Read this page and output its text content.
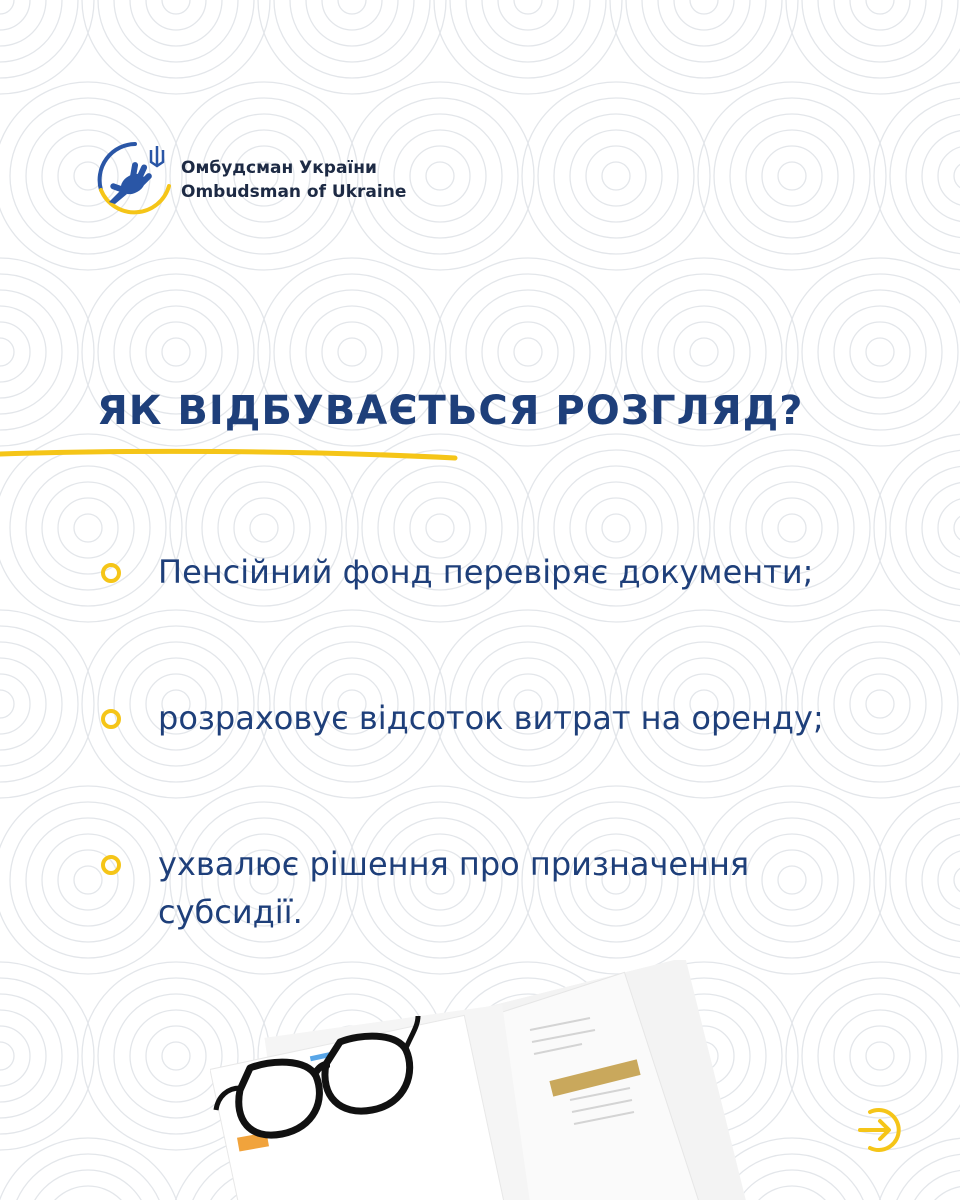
Омбудсман України
Ombudsman of Ukraine
ЯК ВІДБУВАЄТЬСЯ РОЗГЛЯД?
Пенсійний фонд перевіряє документи;
розраховує відсоток витрат на оренду;
ухвалює рішення про призначення субсидії.
